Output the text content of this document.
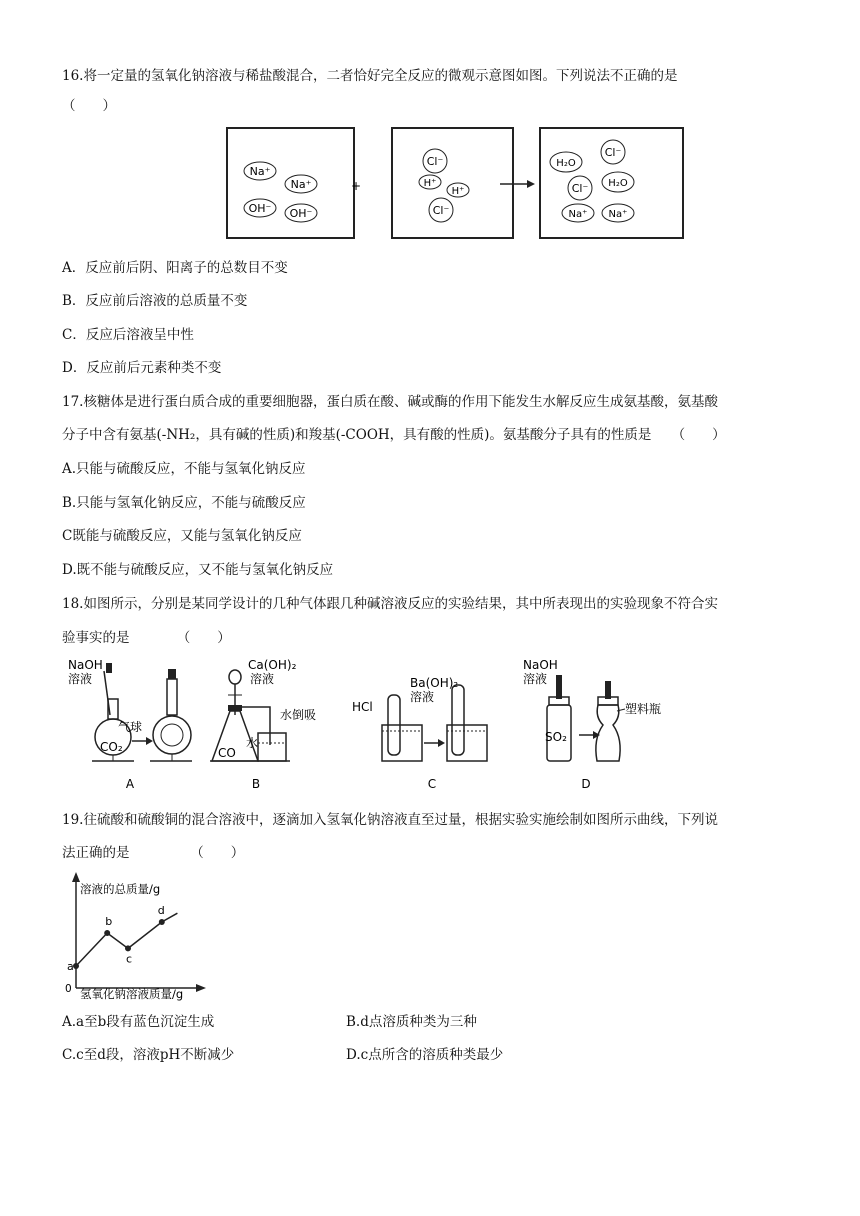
16.将一定量的氢氧化钠溶液与稀盐酸混合，二者恰好完全反应的微观示意图如图。下列说法不正确的是
（　　）
Na⁺
Na⁺
OH⁻ OH⁻
+
Cl⁻
H⁺
H⁺
Cl⁻
H₂O
Cl⁻
Cl⁻ H₂O
Na⁺ Na⁺
A．反应前后阴、阳离子的总数目不变
B．反应前后溶液的总质量不变
C．反应后溶液呈中性
D．反应前后元素种类不变
17.核糖体是进行蛋白质合成的重要细胞器，蛋白质在酸、碱或酶的作用下能发生水解反应生成氨基酸，氨基酸
分子中含有氨基(-NH₂，具有碱的性质)和羧基(-COOH，具有酸的性质)。氨基酸分子具有的性质是　　（　　）
A.只能与硫酸反应，不能与氢氧化钠反应
B.只能与氢氧化钠反应，不能与硫酸反应
C既能与硫酸反应，又能与氢氧化钠反应
D.既不能与硫酸反应，又不能与氢氧化钠反应
18.如图所示，分别是某同学设计的几种气体跟几种碱溶液反应的实验结果，其中所表现出的实验现象不符合实
验事实的是　　　　（　　）
NaOH
溶液
CO₂
气球
A
Ca(OH)₂
溶液
CO
水
水倒吸
B
HCl
Ba(OH)₂
溶液
C
NaOH
溶液
SO₂
塑料瓶
D
19.往硫酸和硫酸铜的混合溶液中，逐滴加入氢氧化钠溶液直至过量，根据实验实施绘制如图所示曲线，下列说
法正确的是　　　　　（　　）
溶液的总质量/g
氢氧化钠溶液质量/g
0
a
b
c
d
A.a至b段有蓝色沉淀生成	B.d点溶质种类为三种
C.c至d段，溶液pH不断减少	D.c点所含的溶质种类最少
